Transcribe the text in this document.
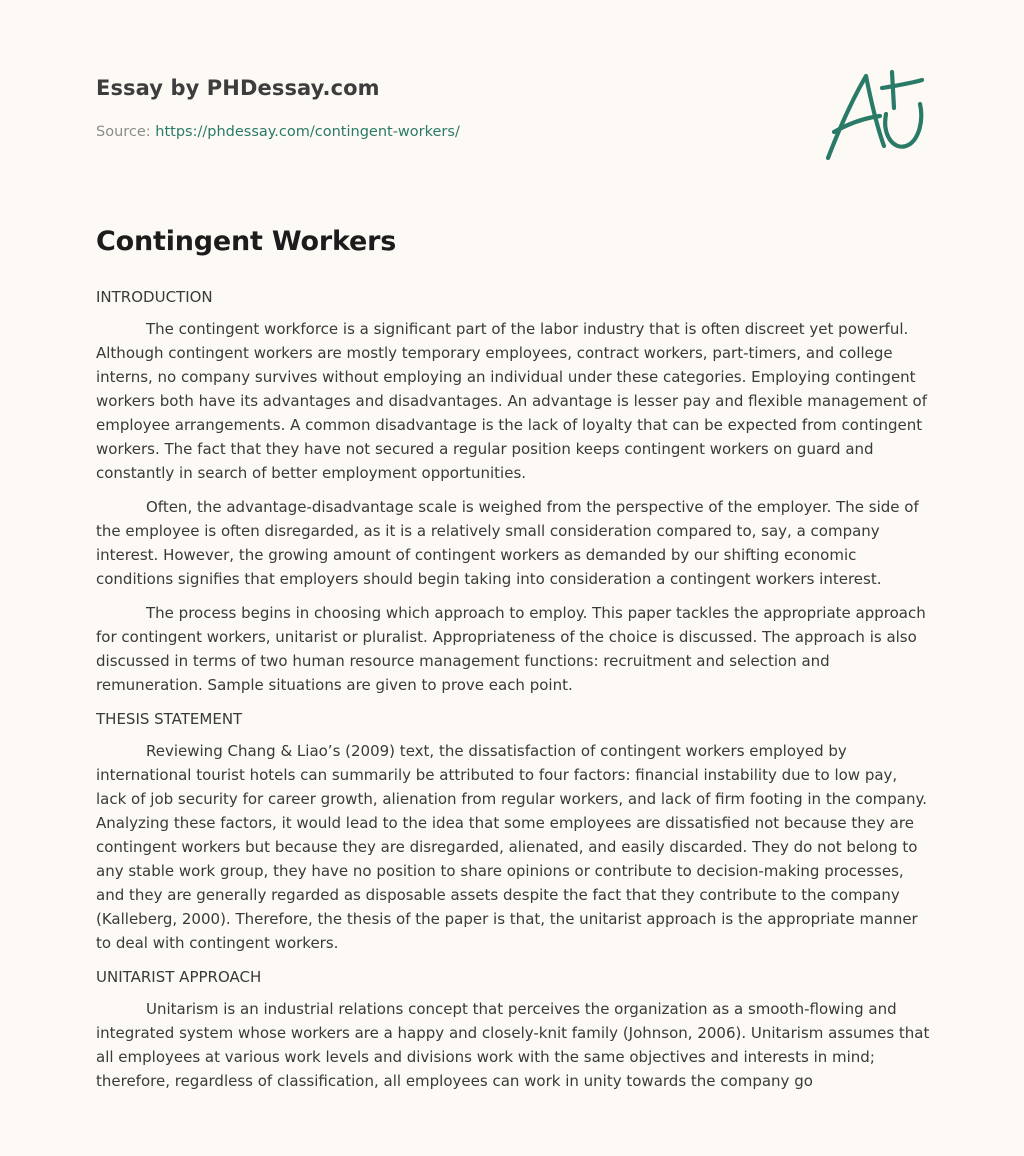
Essay by PHDessay.com
Source: https://phdessay.com/contingent-workers/
Contingent Workers

INTRODUCTION

The contingent workforce is a significant part of the labor industry that is often discreet yet powerful. Although contingent workers are mostly temporary employees, contract workers, part-timers, and college interns, no company survives without employing an individual under these categories. Employing contingent workers both have its advantages and disadvantages. An advantage is lesser pay and flexible management of employee arrangements. A common disadvantage is the lack of loyalty that can be expected from contingent workers. The fact that they have not secured a regular position keeps contingent workers on guard and constantly in search of better employment opportunities.

Often, the advantage-disadvantage scale is weighed from the perspective of the employer. The side of the employee is often disregarded, as it is a relatively small consideration compared to, say, a company interest. However, the growing amount of contingent workers as demanded by our shifting economic conditions signifies that employers should begin taking into consideration a contingent workers interest.

The process begins in choosing which approach to employ. This paper tackles the appropriate approach for contingent workers, unitarist or pluralist. Appropriateness of the choice is discussed. The approach is also discussed in terms of two human resource management functions: recruitment and selection and remuneration. Sample situations are given to prove each point.

THESIS STATEMENT

Reviewing Chang & Liao’s (2009) text, the dissatisfaction of contingent workers employed by international tourist hotels can summarily be attributed to four factors: financial instability due to low pay, lack of job security for career growth, alienation from regular workers, and lack of firm footing in the company. Analyzing these factors, it would lead to the idea that some employees are dissatisfied not because they are contingent workers but because they are disregarded, alienated, and easily discarded. They do not belong to any stable work group, they have no position to share opinions or contribute to decision-making processes, and they are generally regarded as disposable assets despite the fact that they contribute to the company (Kalleberg, 2000). Therefore, the thesis of the paper is that, the unitarist approach is the appropriate manner to deal with contingent workers.

UNITARIST APPROACH

Unitarism is an industrial relations concept that perceives the organization as a smooth-flowing and integrated system whose workers are a happy and closely-knit family (Johnson, 2006). Unitarism assumes that all employees at various work levels and divisions work with the same objectives and interests in mind; therefore, regardless of classification, all employees can work in unity towards the company go
